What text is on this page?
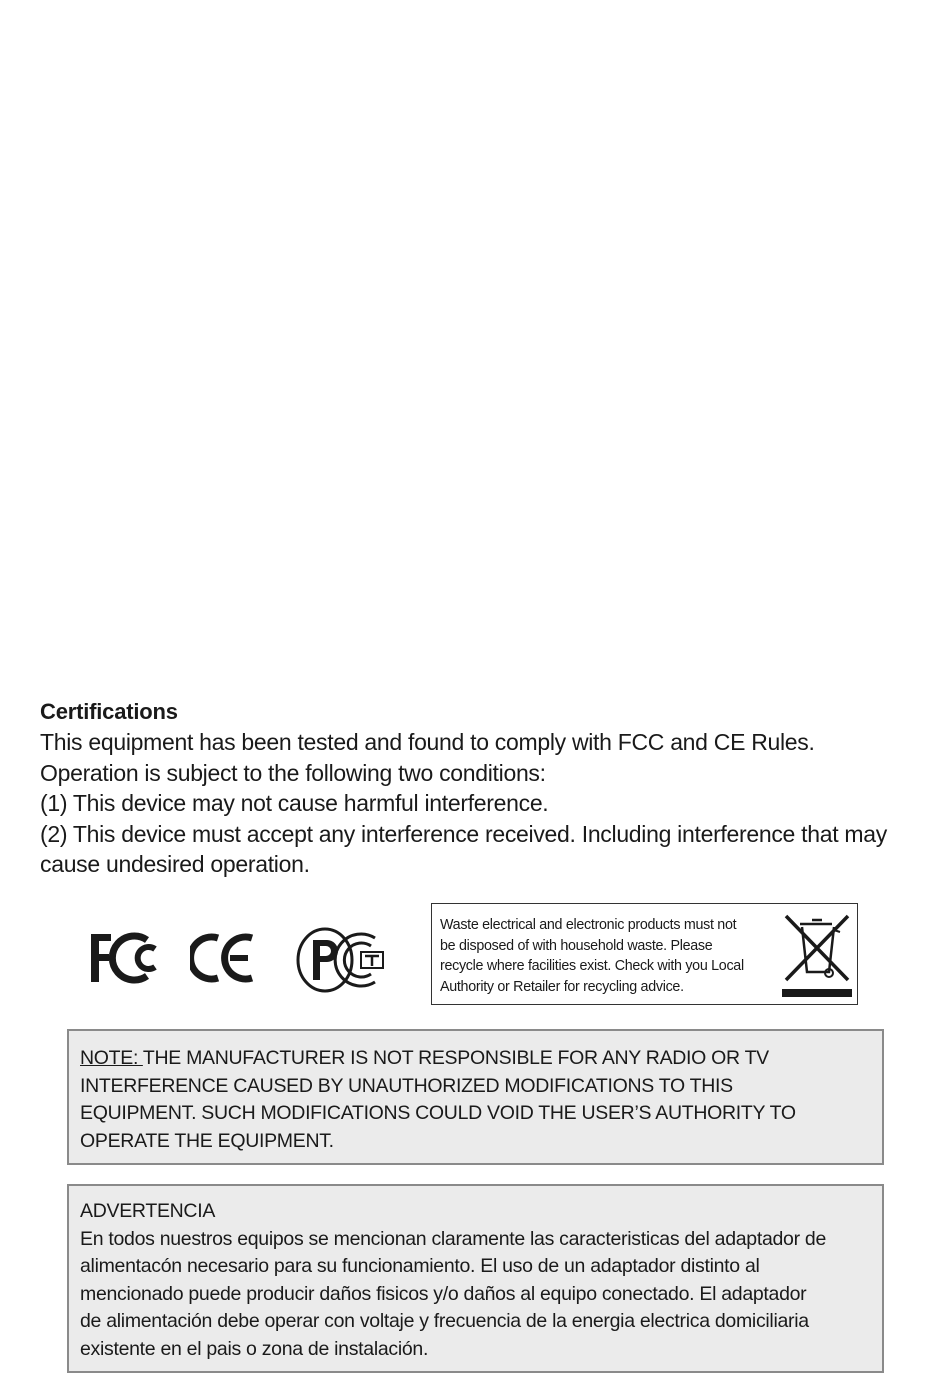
Certifications

This equipment has been tested and found to comply with FCC and CE Rules.

Operation is subject to the following two conditions:

(1) This device may not cause harmful interference.

(2) This device must accept any interference received. Including interference that may

cause undesired operation.

Waste electrical and electronic products must not
be disposed of with household waste. Please
recycle where facilities exist. Check with you Local
Authority or Retailer for recycling advice.
NOTE: THE MANUFACTURER IS NOT RESPONSIBLE FOR ANY RADIO OR TV
INTERFERENCE CAUSED BY UNAUTHORIZED MODIFICATIONS TO THIS
EQUIPMENT. SUCH MODIFICATIONS COULD VOID THE USER’S AUTHORITY TO
OPERATE THE EQUIPMENT.
ADVERTENCIA
En todos nuestros equipos se mencionan claramente las caracteristicas del adaptador de
alimentacón necesario para su funcionamiento. El uso de un adaptador distinto al
mencionado puede producir daños fisicos y/o daños al equipo conectado. El adaptador
de alimentación debe operar con voltaje y frecuencia de la energia electrica domiciliaria
existente en el pais o zona de instalación.
